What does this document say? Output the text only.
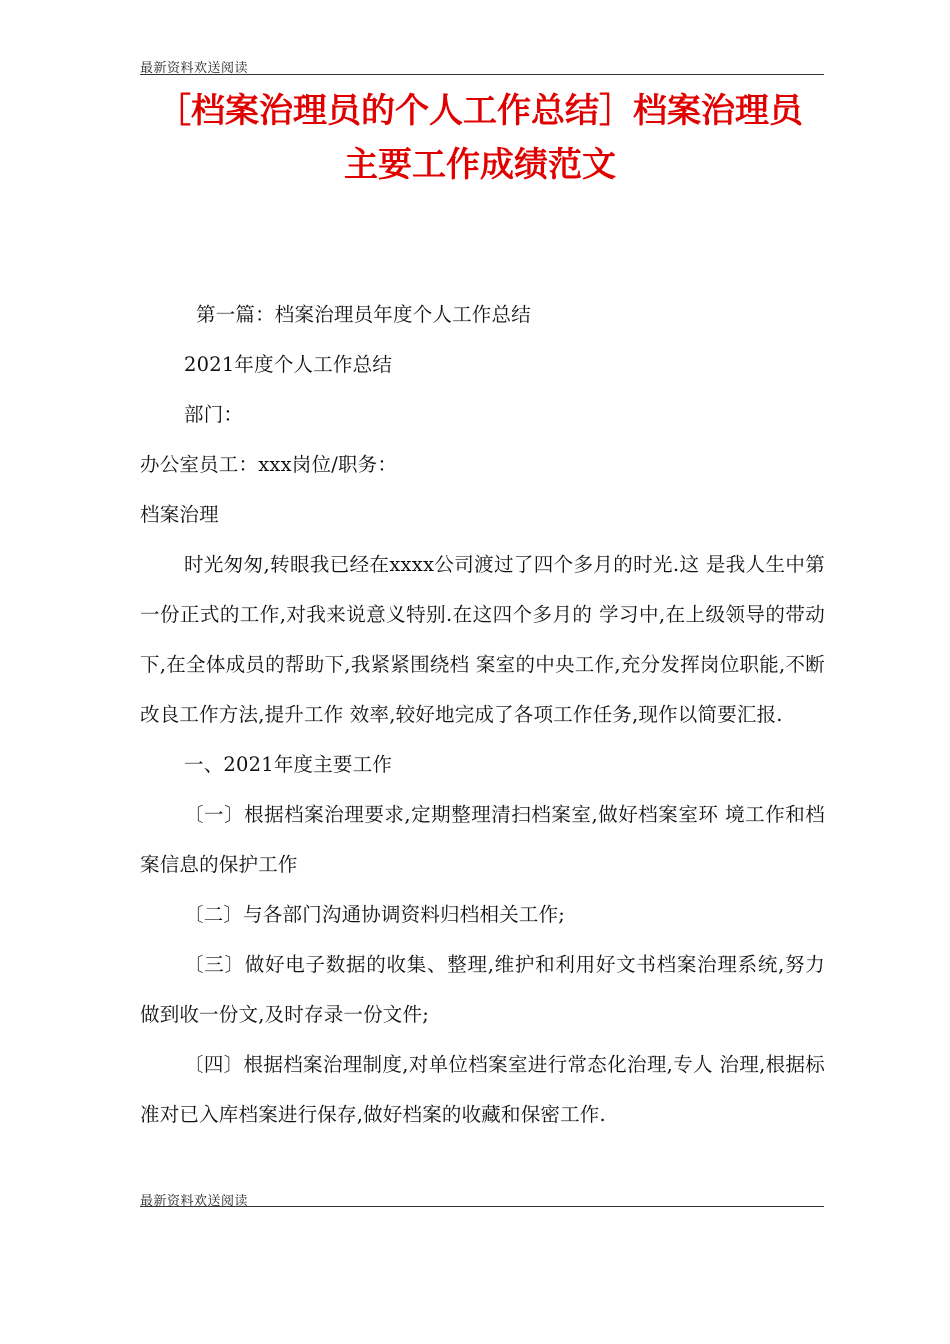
最新资料欢送阅读
［档案治理员的个人工作总结］档案治理员
主要工作成绩范文

第一篇：档案治理员年度个人工作总结

2021年度个人工作总结

部门：

办公室员工：xxx岗位/职务：

档案治理

时光匆匆,转眼我已经在xxxx公司渡过了四个多月的时光.这 是我人生中第一份正式的工作,对我来说意义特别.在这四个多月的 学习中,在上级领导的带动下,在全体成员的帮助下,我紧紧围绕档 案室的中央工作,充分发挥岗位职能,不断改良工作方法,提升工作 效率,较好地完成了各项工作任务,现作以简要汇报.

一、2021年度主要工作

〔一〕根据档案治理要求,定期整理清扫档案室,做好档案室环 境工作和档案信息的保护工作

〔二〕与各部门沟通协调资料归档相关工作;

〔三〕做好电子数据的收集、整理,维护和利用好文书档案治理系统,努力做到收一份文,及时存录一份文件;

〔四〕根据档案治理制度,对单位档案室进行常态化治理,专人 治理,根据标准对已入库档案进行保存,做好档案的收藏和保密工作.

最新资料欢送阅读
